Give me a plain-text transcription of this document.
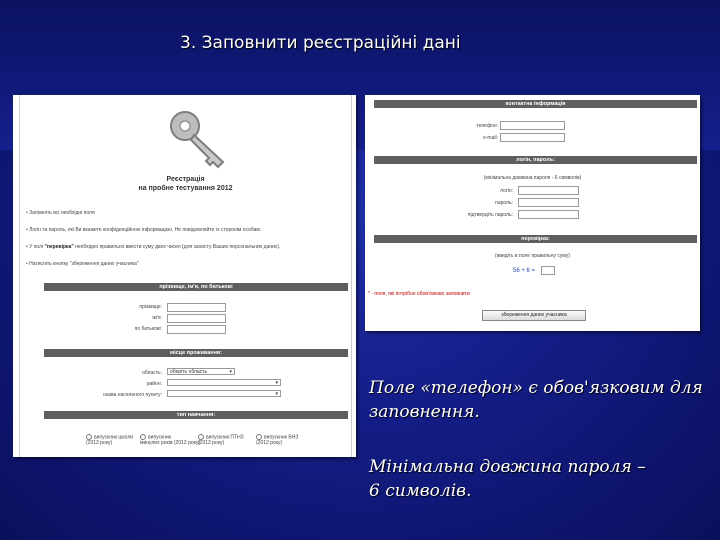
3. Заповнити реєстраційні дані
Реєстрація
на пробне тестування 2012
• Заповніть всі необхідні поля
• Логін та пароль, які Ви вкажете конфіденційною інформацією. Не повідомляйте їх сторонім особам.
• У полі "перевірка" необхідно правильно ввести суму двох чисел (для захисту Ваших персональних даних).
• Натисніть кнопку "збереження даних учасника"
прізвище, ім'я, по батькові
прізвище:
ім'я:
по батькові:
місце проживання:
область:	оберіть область	▾
район:	▾
назва населеного пункту:	▾
тип навчання:
випускник школи
(2012 року)
випускник
минулих років (2012 року)
випускник ПТНЗ
(2012 року)
випускник ВНЗ
(2012 року)
контактна інформація
телефон:
e-mail:
логін, пароль:
(мінімальна довжина пароля - 6 символів)
логін:
пароль:
підтвердіть пароль:
перевірка:
(введіть в поле правильну суму)
56 + 6 =
* - поля, які потрібно обов'язково заповнити
збереження даних учасника
Поле «телефон» є обов'язковим для
заповнення.
Мінімальна довжина пароля –
6 символів.
